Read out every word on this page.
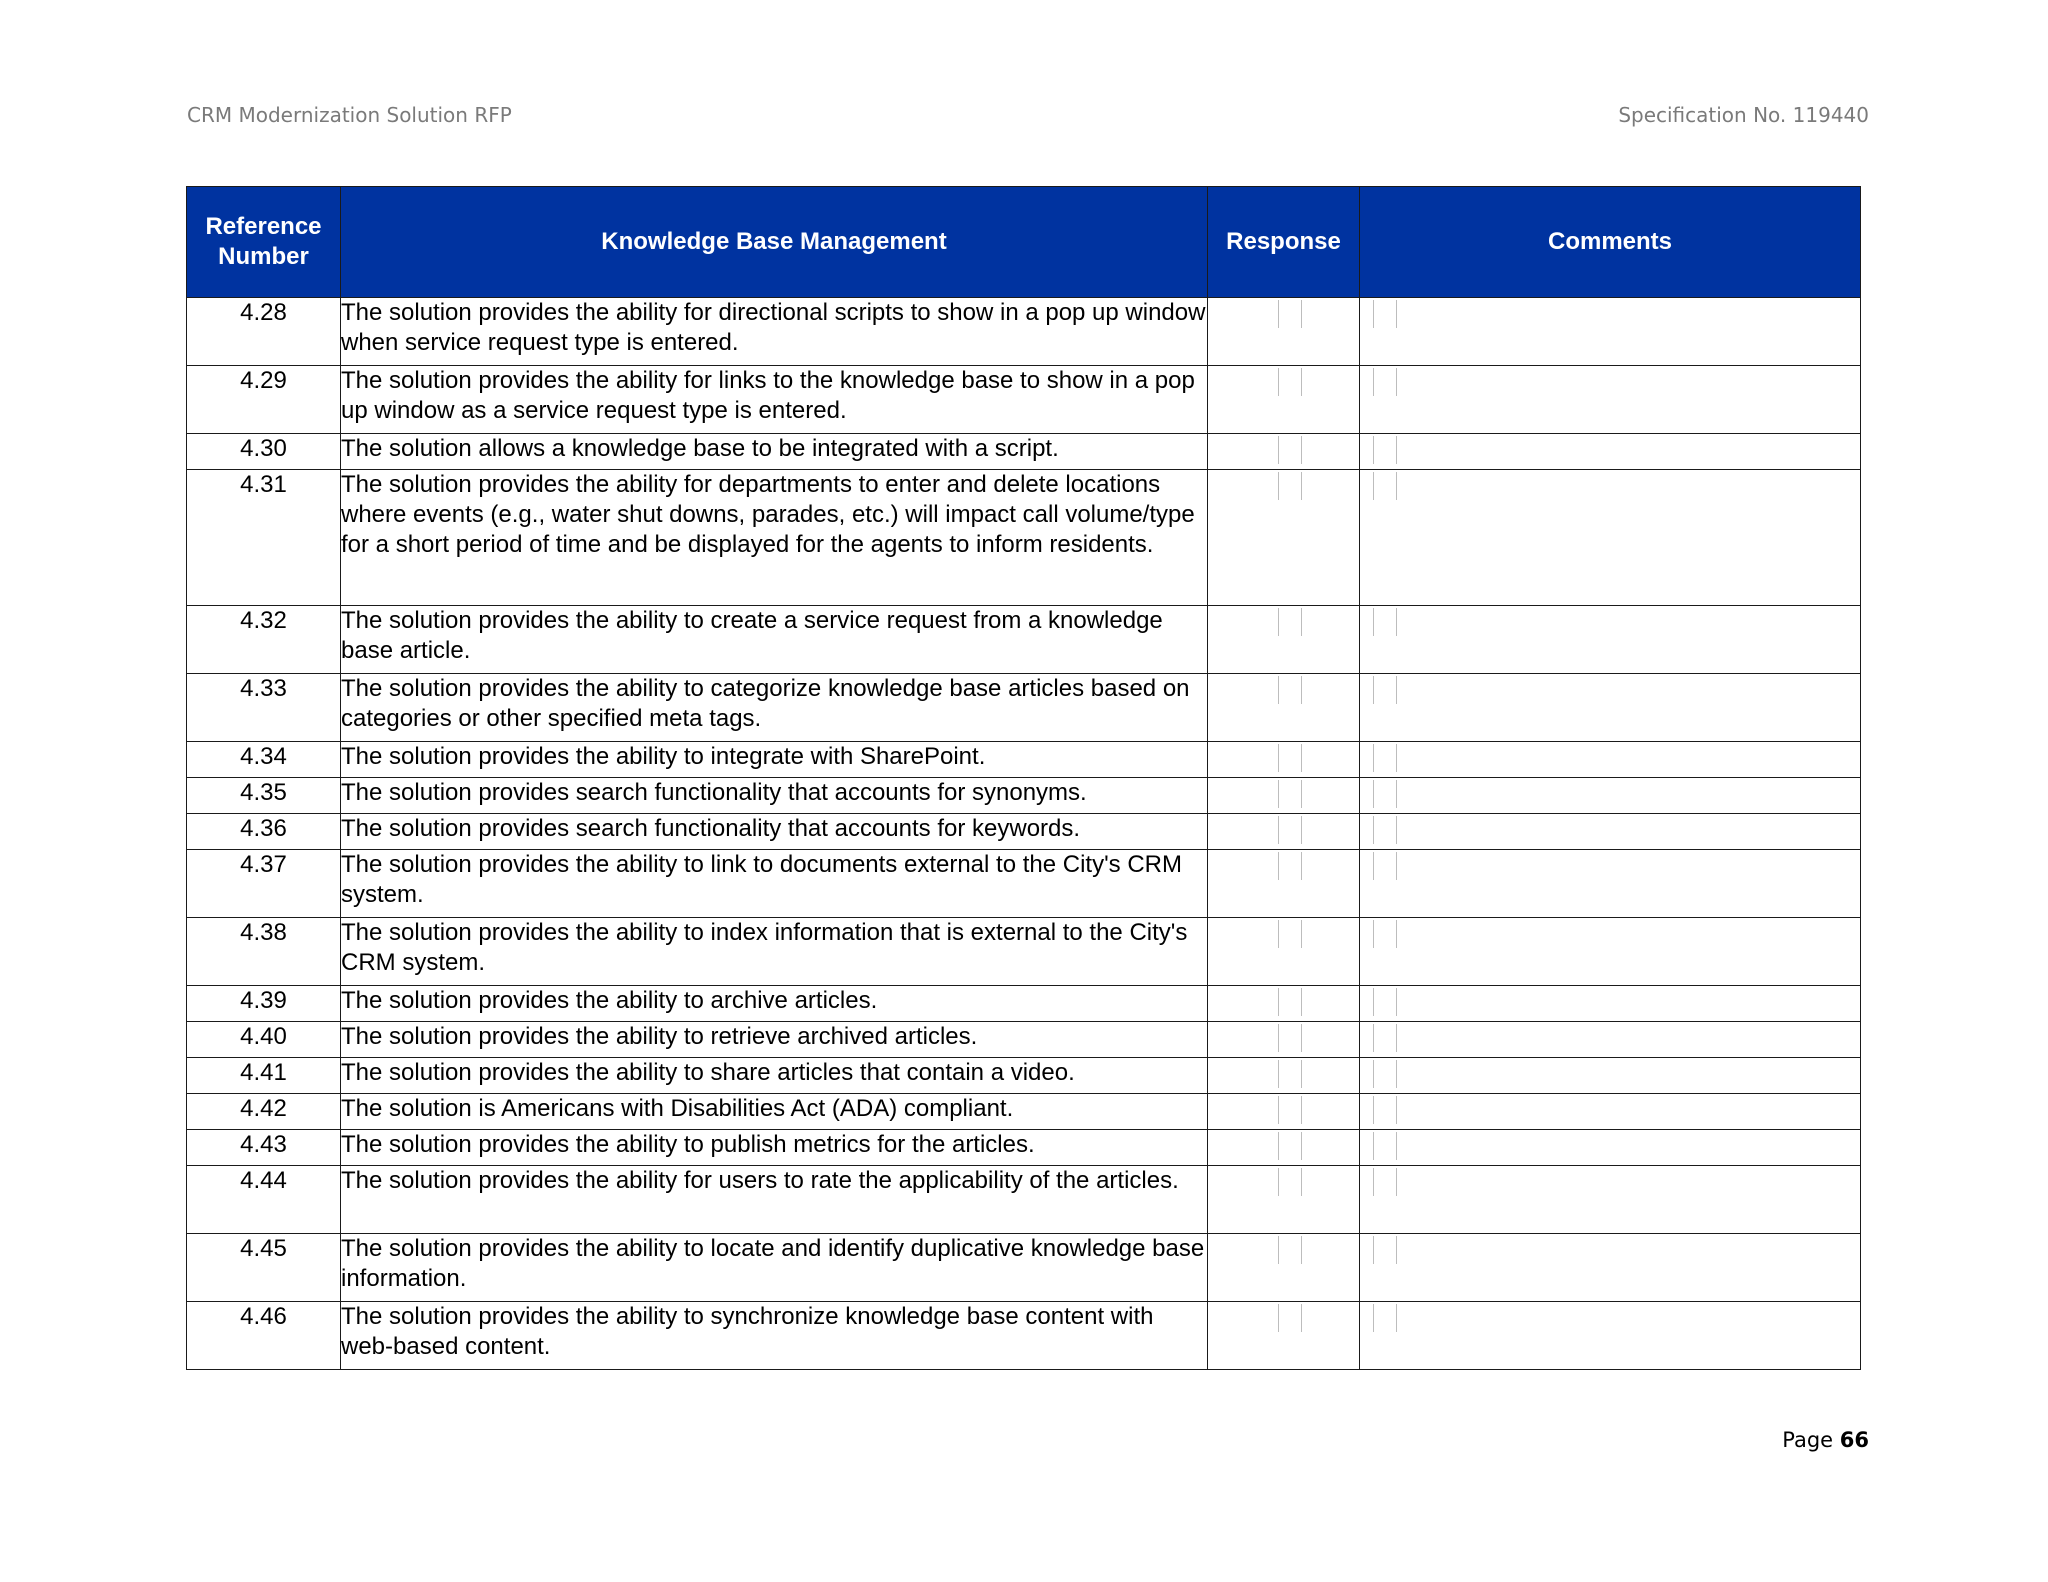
CRM Modernization Solution RFP	Specification No. 119440
Reference Number	Knowledge Base Management	Response	Comments
4.28	The solution provides the ability for directional scripts to show in a pop up window when service request type is entered.		
4.29	The solution provides the ability for links to the knowledge base to show in a pop up window as a service request type is entered.		
4.30	The solution allows a knowledge base to be integrated with a script.		
4.31	The solution provides the ability for departments to enter and delete locations where events (e.g., water shut downs, parades, etc.) will impact call volume/type for a short period of time and be displayed for the agents to inform residents.		
4.32	The solution provides the ability to create a service request from a knowledge base article.		
4.33	The solution provides the ability to categorize knowledge base articles based on categories or other specified meta tags.		
4.34	The solution provides the ability to integrate with SharePoint.		
4.35	The solution provides search functionality that accounts for synonyms.		
4.36	The solution provides search functionality that accounts for keywords.		
4.37	The solution provides the ability to link to documents external to the City's CRM system.		
4.38	The solution provides the ability to index information that is external to the City's CRM system.		
4.39	The solution provides the ability to archive articles.		
4.40	The solution provides the ability to retrieve archived articles.		
4.41	The solution provides the ability to share articles that contain a video.		
4.42	The solution is Americans with Disabilities Act (ADA) compliant.		
4.43	The solution provides the ability to publish metrics for the articles.		
4.44	The solution provides the ability for users to rate the applicability of the articles.		
4.45	The solution provides the ability to locate and identify duplicative knowledge base information.		
4.46	The solution provides the ability to synchronize knowledge base content with web-based content.		
Page 66
